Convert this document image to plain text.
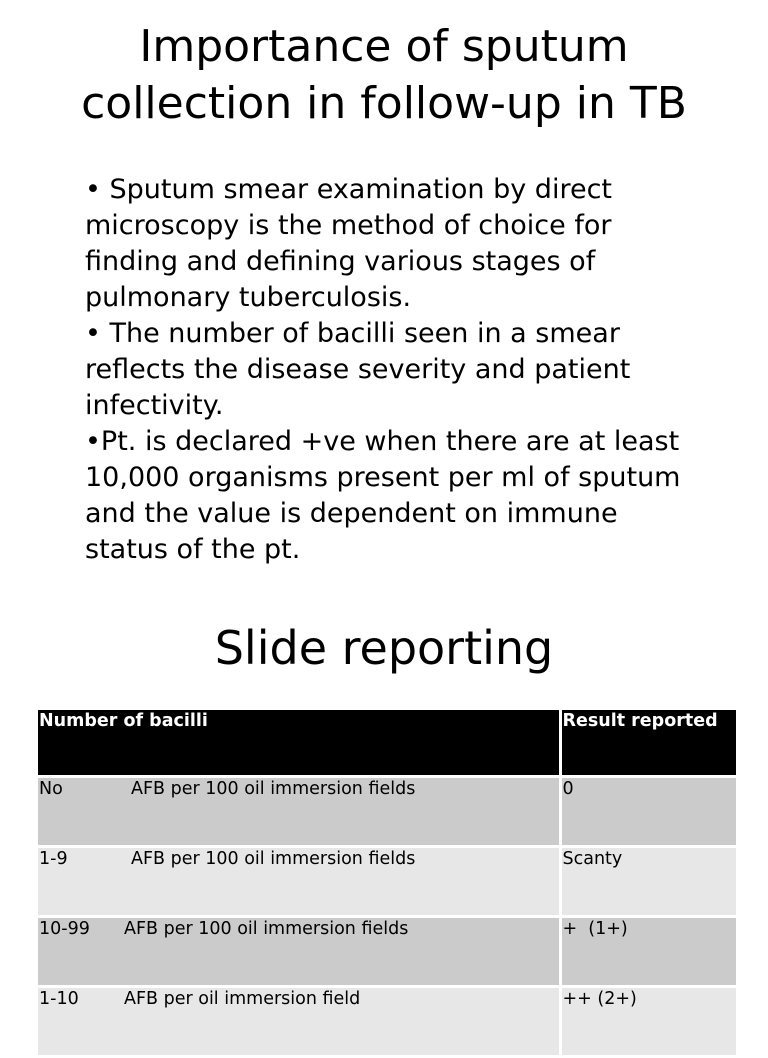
Importance of sputum collection in follow-up in TB

• Sputum smear examination by direct microscopy is the method of choice for finding and defining various stages of pulmonary tuberculosis.

• The number of bacilli seen in a smear reflects the disease severity and patient infectivity.

•Pt. is declared +ve when there are at least 10,000 organisms present per ml of sputum and the value is dependent on immune status of the pt.

Slide reporting
Number of bacilli	Result reported
No AFB per 100 oil immersion fields	0
1-9 AFB per 100 oil immersion fields	Scanty
10-99 AFB per 100 oil immersion fields	+  (1+)
1-10 AFB per oil immersion field	++ (2+)
